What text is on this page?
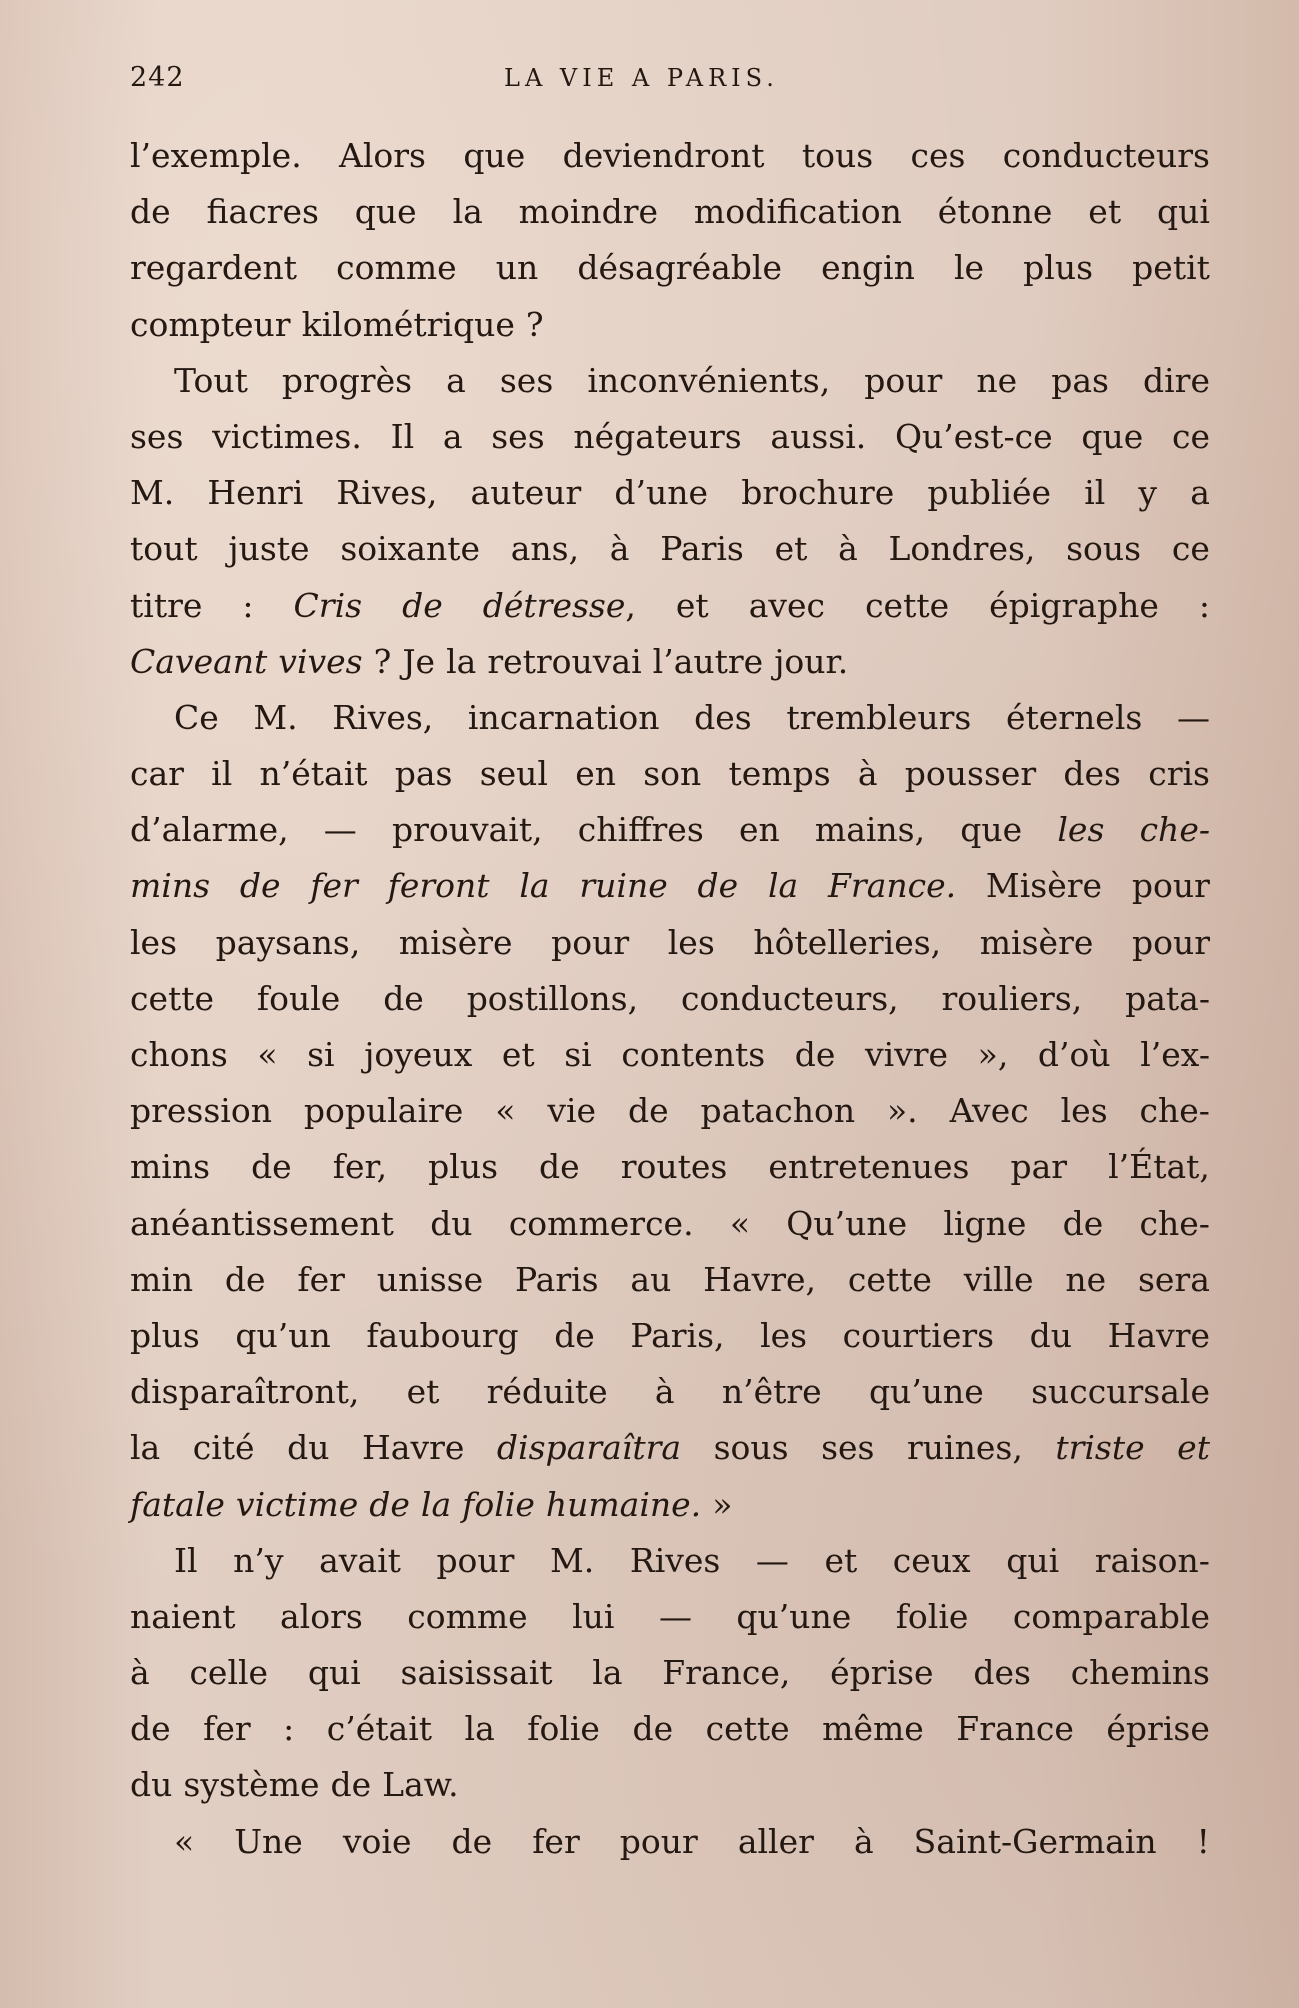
242	LA VIE A PARIS.
l’exemple. Alors que deviendront tous ces conducteurs
de fiacres que la moindre modification étonne et qui
regardent comme un désagréable engin le plus petit
compteur kilométrique ?
Tout progrès a ses inconvénients, pour ne pas dire
ses victimes. Il a ses négateurs aussi. Qu’est-ce que ce
M. Henri Rives, auteur d’une brochure publiée il y a
tout juste soixante ans, à Paris et à Londres, sous ce
titre : Cris de détresse, et avec cette épigraphe :
Caveant vives ? Je la retrouvai l’autre jour.
Ce M. Rives, incarnation des trembleurs éternels —
car il n’était pas seul en son temps à pousser des cris
d’alarme, — prouvait, chiffres en mains, que les che-
mins de fer feront la ruine de la France. Misère pour
les paysans, misère pour les hôtelleries, misère pour
cette foule de postillons, conducteurs, rouliers, pata-
chons « si joyeux et si contents de vivre », d’où l’ex-
pression populaire « vie de patachon ». Avec les che-
mins de fer, plus de routes entretenues par l’État,
anéantissement du commerce. « Qu’une ligne de che-
min de fer unisse Paris au Havre, cette ville ne sera
plus qu’un faubourg de Paris, les courtiers du Havre
disparaîtront, et réduite à n’être qu’une succursale
la cité du Havre disparaîtra sous ses ruines, triste et
fatale victime de la folie humaine. »
Il n’y avait pour M. Rives — et ceux qui raison-
naient alors comme lui — qu’une folie comparable
à celle qui saisissait la France, éprise des chemins
de fer : c’était la folie de cette même France éprise
du système de Law.
« Une voie de fer pour aller à Saint-Germain !
